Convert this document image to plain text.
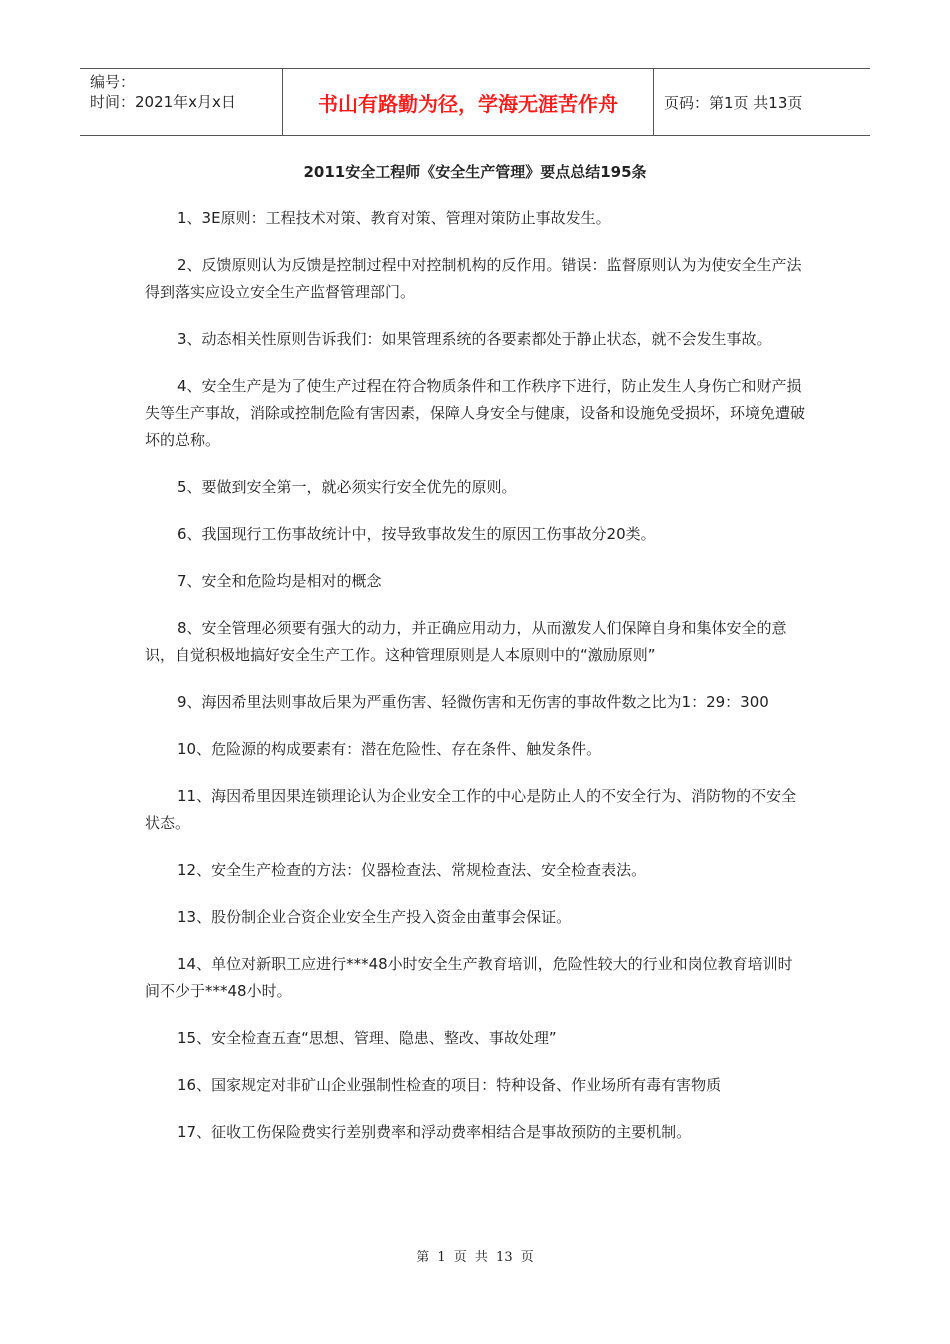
编号：
时间：2021年x月x日	书山有路勤为径，学海无涯苦作舟	页码：第1页 共13页
2011安全工程师《安全生产管理》要点总结195条

1、3E原则：工程技术对策、教育对策、管理对策防止事故发生。

2、反馈原则认为反馈是控制过程中对控制机构的反作用。错误：监督原则认为为使安全生产法得到落实应设立安全生产监督管理部门。

3、动态相关性原则告诉我们：如果管理系统的各要素都处于静止状态，就不会发生事故。

4、安全生产是为了使生产过程在符合物质条件和工作秩序下进行，防止发生人身伤亡和财产损失等生产事故，消除或控制危险有害因素，保障人身安全与健康，设备和设施免受损坏，环境免遭破坏的总称。

5、要做到安全第一，就必须实行安全优先的原则。

6、我国现行工伤事故统计中，按导致事故发生的原因工伤事故分20类。

7、安全和危险均是相对的概念

8、安全管理必须要有强大的动力，并正确应用动力，从而激发人们保障自身和集体安全的意识，自觉积极地搞好安全生产工作。这种管理原则是人本原则中的“激励原则”

9、海因希里法则事故后果为严重伤害、轻微伤害和无伤害的事故件数之比为1：29：300

10、危险源的构成要素有：潜在危险性、存在条件、触发条件。

11、海因希里因果连锁理论认为企业安全工作的中心是防止人的不安全行为、消防物的不安全状态。

12、安全生产检查的方法：仪器检查法、常规检查法、安全检查表法。

13、股份制企业合资企业安全生产投入资金由董事会保证。

14、单位对新职工应进行***48小时安全生产教育培训，危险性较大的行业和岗位教育培训时间不少于***48小时。

15、安全检查五查“思想、管理、隐患、整改、事故处理”

16、国家规定对非矿山企业强制性检查的项目：特种设备、作业场所有毒有害物质

17、征收工伤保险费实行差别费率和浮动费率相结合是事故预防的主要机制。

第 1 页 共 13 页
